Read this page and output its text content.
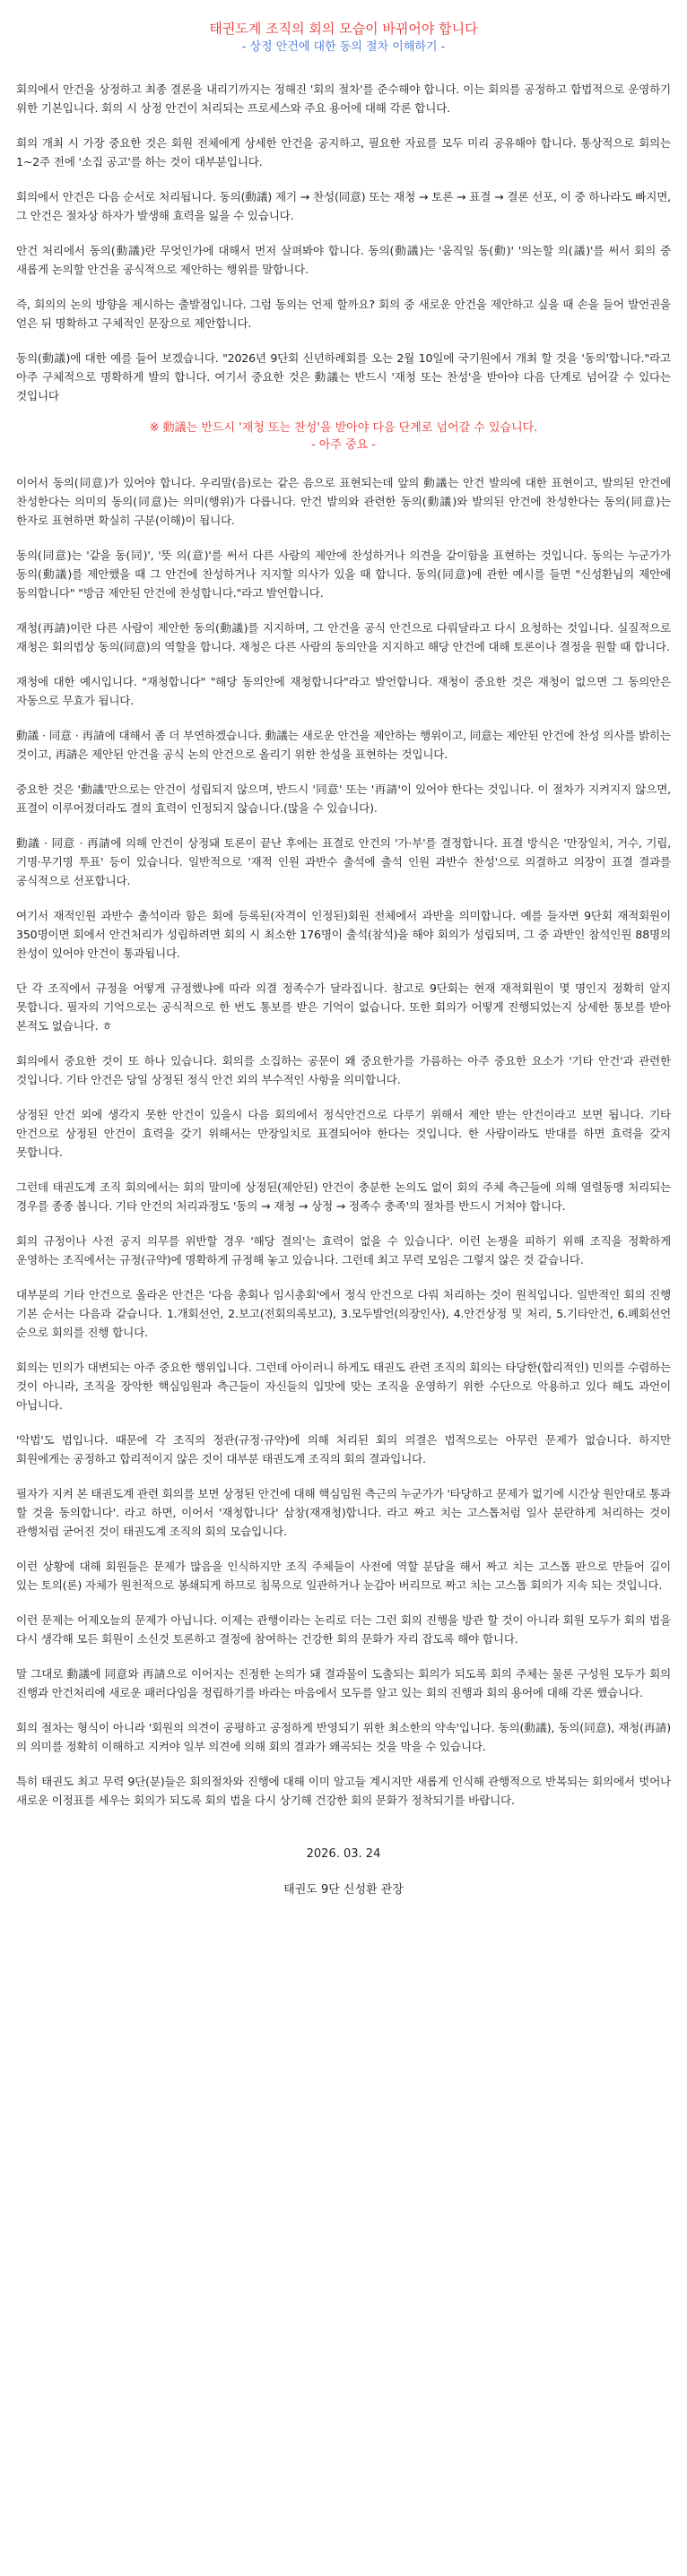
태권도계 조직의 회의 모습이 바뀌어야 합니다

- 상정 안건에 대한 동의 절차 이해하기 -

회의에서 안건을 상정하고 최종 결론을 내리기까지는 정해진 '회의 절차'를 준수해야 합니다. 이는 회의를 공정하고 합법적으로 운영하기 위한 기본입니다. 회의 시 상정 안건이 처리되는 프로세스와 주요 용어에 대해 각론 합니다.

회의 개최 시 가장 중요한 것은 회원 전체에게 상세한 안건을 공지하고, 필요한 자료를 모두 미리 공유해야 합니다. 통상적으로 회의는 1~2주 전에 '소집 공고'를 하는 것이 대부분입니다.

회의에서 안건은 다음 순서로 처리됩니다. 동의(動議) 제기 → 찬성(同意) 또는 재청 → 토론 → 표결 → 결론 선포, 이 중 하나라도 빠지면, 그 안건은 절차상 하자가 발생해 효력을 잃을 수 있습니다.

안건 처리에서 동의(動議)란 무엇인가에 대해서 먼저 살펴봐야 합니다. 동의(動議)는 '움직일 동(動)' '의논할 의(議)'를 써서 회의 중 새롭게 논의할 안건을 공식적으로 제안하는 행위를 말합니다.

즉, 회의의 논의 방향을 제시하는 출발점입니다. 그럼 동의는 언제 할까요? 회의 중 새로운 안건을 제안하고 싶을 때 손을 들어 발언권을 얻은 뒤 명확하고 구체적인 문장으로 제안합니다.

동의(動議)에 대한 예를 들어 보겠습니다. "2026년 9단회 신년하례회를 오는 2월 10일에 국기원에서 개최 할 것을 '동의'합니다."라고 아주 구체적으로 명확하게 발의 합니다. 여기서 중요한 것은 動議는 반드시 '재청 또는 찬성'을 받아야 다음 단계로 넘어갈 수 있다는 것입니다

※ 動議는 반드시 '재청 또는 찬성'을 받아야 다음 단계로 넘어갈 수 있습니다.
- 아주 중요 -

이어서 동의(同意)가 있어야 합니다. 우리말(음)로는 같은 음으로 표현되는데 앞의 動議는 안건 발의에 대한 표현이고, 발의된 안건에 찬성한다는 의미의 동의(同意)는 의미(행위)가 다릅니다. 안건 발의와 관련한 동의(動議)와 발의된 안건에 찬성한다는 동의(同意)는 한자로 표현하면 확실히 구분(이해)이 됩니다.

동의(同意)는 '같을 동(同)', '뜻 의(意)'를 써서 다른 사람의 제안에 찬성하거나 의견을 같이함을 표현하는 것입니다. 동의는 누군가가 동의(動議)를 제안했을 때 그 안건에 찬성하거나 지지할 의사가 있을 때 합니다. 동의(同意)에 관한 예시를 들면 "신성환님의 제안에 동의합니다" "방금 제안된 안건에 찬성합니다."라고 발언합니다.

재청(再請)이란 다른 사람이 제안한 동의(動議)를 지지하며, 그 안건을 공식 안건으로 다뤄달라고 다시 요청하는 것입니다. 실질적으로 재청은 회의법상 동의(同意)의 역할을 합니다. 재청은 다른 사람의 동의안을 지지하고 해당 안건에 대해 토론이나 결정을 원할 때 합니다.

재청에 대한 예시입니다. "재청합니다" "해당 동의안에 재청합니다"라고 발언합니다. 재청이 중요한 것은 재청이 없으면 그 동의안은 자동으로 무효가 됩니다.

動議 · 同意 · 再請에 대해서 좀 더 부연하겠습니다. 動議는 새로운 안건을 제안하는 행위이고, 同意는 제안된 안건에 찬성 의사를 밝히는 것이고, 再請은 제안된 안건을 공식 논의 안건으로 올리기 위한 찬성을 표현하는 것입니다.

중요한 것은 '動議'만으로는 안건이 성립되지 않으며, 반드시 '同意' 또는 '再請'이 있어야 한다는 것입니다. 이 절차가 지켜지지 않으면, 표결이 이루어졌더라도 결의 효력이 인정되지 않습니다.(많을 수 있습니다).

動議 · 同意 · 再請에 의해 안건이 상정돼 토론이 끝난 후에는 표결로 안건의 '가·부'를 결정합니다. 표결 방식은 '만장일치, 거수, 기립, 기명·무기명 투표' 등이 있습니다. 일반적으로 '재적 인원 과반수 출석에 출석 인원 과반수 찬성'으로 의결하고 의장이 표결 결과를 공식적으로 선포합니다.

여기서 재적인원 과반수 출석이라 함은 회에 등록된(자격이 인정된)회원 전체에서 과반을 의미합니다. 예를 들자면 9단회 재적회원이 350명이면 회에서 안건처리가 성립하려면 회의 시 최소한 176명이 출석(참석)을 해야 회의가 성립되며, 그 중 과반인 참석인원 88명의 찬성이 있어야 안건이 통과됩니다.

단 각 조직에서 규정을 어떻게 규정했냐에 따라 의결 정족수가 달라집니다. 참고로 9단회는 현재 재적회원이 몇 명인지 정확히 알지 못합니다. 필자의 기억으로는 공식적으로 한 번도 통보를 받은 기억이 없습니다. 또한 회의가 어떻게 진행되었는지 상세한 통보를 받아 본적도 없습니다. ㅎ

회의에서 중요한 것이 또 하나 있습니다. 회의를 소집하는 공문이 왜 중요한가를 가름하는 아주 중요한 요소가 '기타 안건'과 관련한 것입니다. 기타 안건은 당일 상정된 정식 안건 외의 부수적인 사항을 의미합니다.

상정된 안건 외에 생각지 못한 안건이 있을시 다음 회의에서 정식안건으로 다루기 위해서 제안 받는 안건이라고 보면 됩니다. 기타 안건으로 상정된 안건이 효력을 갖기 위해서는 만장일치로 표결되어야 한다는 것입니다. 한 사람이라도 반대를 하면 효력을 갖지 못합니다.

그런데 태권도계 조직 회의에서는 회의 말미에 상정된(제안된) 안건이 충분한 논의도 없이 회의 주체 측근들에 의해 열렬동맹 처리되는 경우를 종종 봅니다. 기타 안건의 처리과정도 '동의 → 재청 → 상정 → 정족수 충족'의 절차를 반드시 거쳐야 합니다.

회의 규정이나 사전 공지 의무를 위반할 경우 '해당 결의'는 효력이 없을 수 있습니다'. 이런 논쟁을 피하기 위해 조직을 정확하게 운영하는 조직에서는 규정(규약)에 명확하게 규정해 놓고 있습니다. 그런데 최고 무력 모임은 그렇지 않은 것 같습니다.

대부분의 기타 안건으로 올라온 안건은 '다음 총회나 임시총회'에서 정식 안건으로 다뤄 처리하는 것이 원칙입니다. 일반적인 회의 진행 기본 순서는 다음과 같습니다. 1.개회선언, 2.보고(전회의록보고), 3.모두발언(의장인사), 4.안건상정 및 처리, 5.기타안건, 6.폐회선언 순으로 회의를 진행 합니다.

회의는 민의가 대변되는 아주 중요한 행위입니다. 그런데 아이러니 하게도 태권도 관련 조직의 회의는 타당한(합리적인) 민의를 수렴하는 것이 아니라, 조직을 장악한 핵심임원과 측근들이 자신들의 입맛에 맞는 조직을 운영하기 위한 수단으로 악용하고 있다 해도 과언이 아닙니다.

'악법'도 법입니다. 때문에 각 조직의 정관(규정·규약)에 의해 처리된 회의 의결은 법적으로는 아무런 문제가 없습니다. 하지만 회원에게는 공정하고 합리적이지 않은 것이 대부분 태권도계 조직의 회의 결과입니다.

필자가 지켜 본 태권도계 관련 회의를 보면 상정된 안건에 대해 핵심임원 측근의 누군가가 '타당하고 문제가 없기에 시간상 원안대로 통과 할 것을 동의합니다'. 라고 하면, 이어서 '재청합니다' 삼창(재재청)합니다. 라고 짜고 치는 고스톱처럼 일사 분란하게 처리하는 것이 관행처럼 굳어진 것이 태권도계 조직의 회의 모습입니다.

이런 상황에 대해 회원들은 문제가 많음을 인식하지만 조직 주체들이 사전에 역할 분담을 해서 짜고 치는 고스톱 판으로 만들어 길이 있는 토의(론) 자체가 원천적으로 봉쇄되게 하므로 침묵으로 일관하거나 눈감아 버리므로 짜고 치는 고스톱 회의가 지속 되는 것입니다.

이런 문제는 어제오늘의 문제가 아닙니다. 이제는 관행이라는 논리로 더는 그런 회의 진행을 방관 할 것이 아니라 회원 모두가 회의 법을 다시 생각해 모든 회원이 소신것 토론하고 결정에 참여하는 건강한 회의 문화가 자리 잡도록 해야 합니다.

말 그대로 動議에 同意와 再請으로 이어지는 진정한 논의가 돼 결과물이 도출되는 회의가 되도록 회의 주체는 물론 구성원 모두가 회의 진행과 안건처리에 새로운 패러다임을 정립하기를 바라는 마음에서 모두를 알고 있는 회의 진행과 회의 용어에 대해 각론 했습니다.

회의 절차는 형식이 아니라 '회원의 의견이 공평하고 공정하게 반영되기 위한 최소한의 약속'입니다. 동의(動議), 동의(同意), 재청(再請)의 의미를 정확히 이해하고 지켜야 일부 의견에 의해 회의 결과가 왜곡되는 것을 막을 수 있습니다.

특히 태권도 최고 무력 9단(분)들은 회의절차와 진행에 대해 이미 알고들 계시지만 새롭게 인식해 관행적으로 반복되는 회의에서 벗어나 새로운 이정표를 세우는 회의가 되도록 회의 법을 다시 상기해 건강한 회의 문화가 정착되기를 바랍니다.

2026. 03. 24

태권도 9단 신성환 관장
